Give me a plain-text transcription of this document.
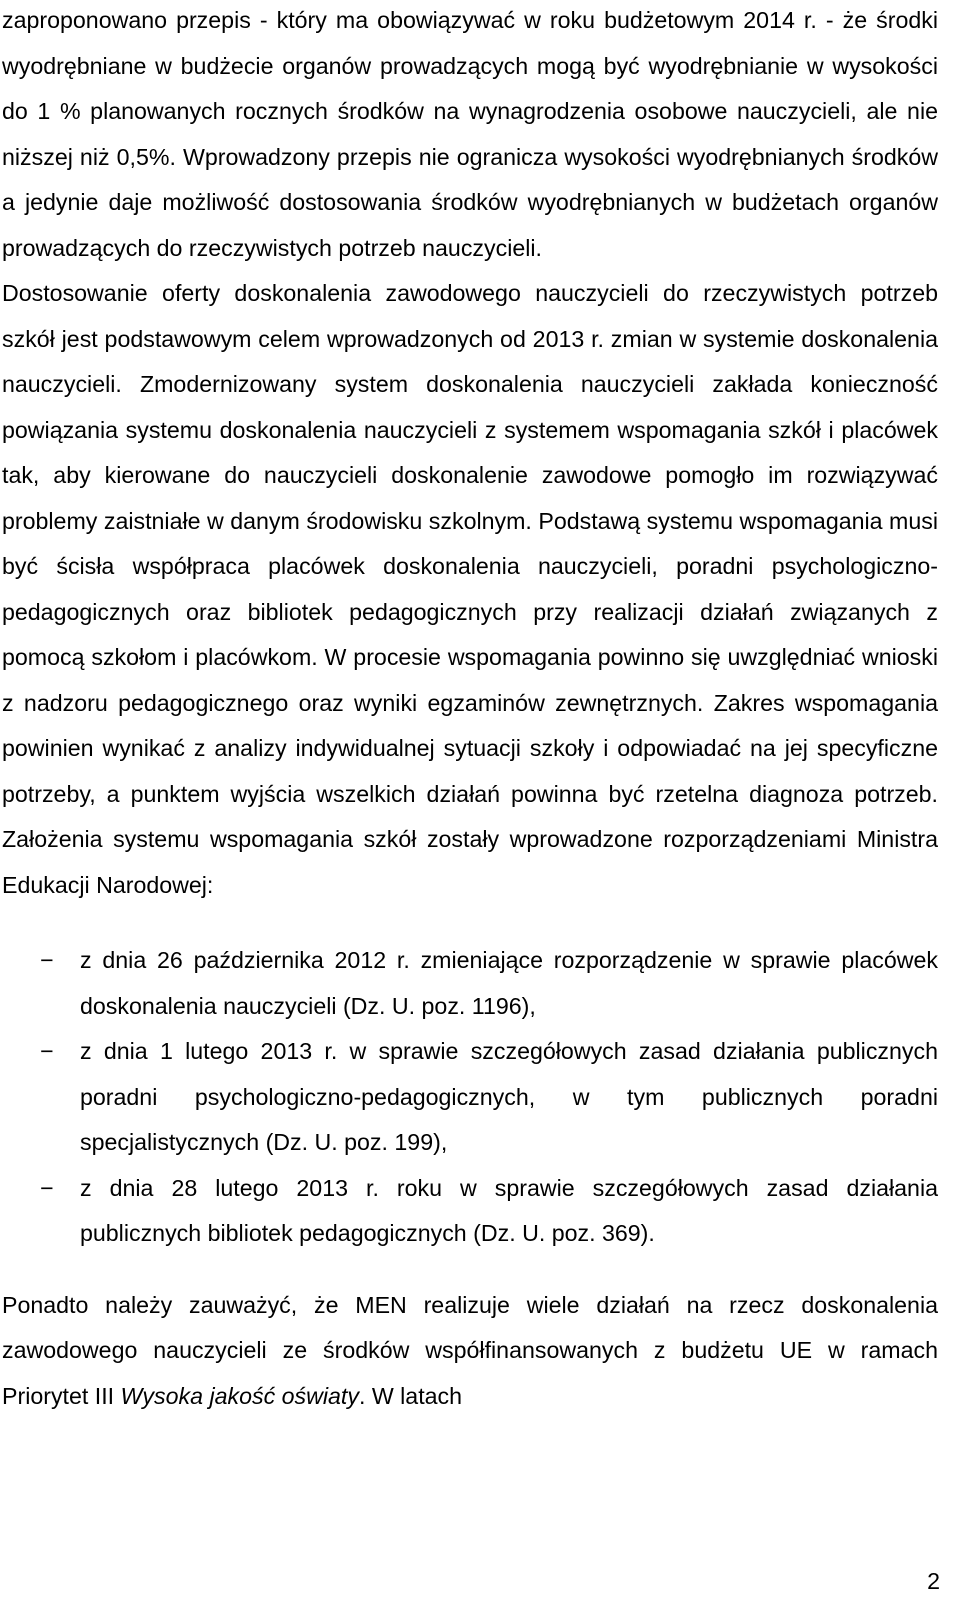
zaproponowano przepis - który ma obowiązywać w roku budżetowym 2014 r. - że środki wyodrębniane w budżecie organów prowadzących mogą być wyodrębnianie w wysokości do 1 % planowanych rocznych środków na wynagrodzenia osobowe nauczycieli, ale nie niższej niż 0,5%. Wprowadzony przepis nie ogranicza wysokości wyodrębnianych środków a jedynie daje możliwość dostosowania środków wyodrębnianych w budżetach organów prowadzących do rzeczywistych potrzeb nauczycieli.

Dostosowanie oferty doskonalenia zawodowego nauczycieli do rzeczywistych potrzeb szkół jest podstawowym celem wprowadzonych od 2013 r. zmian w systemie doskonalenia nauczycieli. Zmodernizowany system doskonalenia nauczycieli zakłada konieczność powiązania systemu doskonalenia nauczycieli z systemem wspomagania szkół i placówek tak, aby kierowane do nauczycieli doskonalenie zawodowe pomogło im rozwiązywać problemy zaistniałe w danym środowisku szkolnym. Podstawą systemu wspomagania musi być ścisła współpraca placówek doskonalenia nauczycieli, poradni psychologiczno-pedagogicznych oraz bibliotek pedagogicznych przy realizacji działań związanych z pomocą szkołom i placówkom. W procesie wspomagania powinno się uwzględniać wnioski z nadzoru pedagogicznego oraz wyniki egzaminów zewnętrznych. Zakres wspomagania powinien wynikać z analizy indywidualnej sytuacji szkoły i odpowiadać na jej specyficzne potrzeby, a punktem wyjścia wszelkich działań powinna być rzetelna diagnoza potrzeb. Założenia systemu wspomagania szkół zostały wprowadzone rozporządzeniami Ministra Edukacji Narodowej:

− z dnia 26 października 2012 r. zmieniające rozporządzenie w sprawie placówek doskonalenia nauczycieli (Dz. U. poz. 1196),
− z dnia 1 lutego 2013 r. w sprawie szczegółowych zasad działania publicznych poradni psychologiczno-pedagogicznych, w tym publicznych poradni specjalistycznych (Dz. U. poz. 199),
− z dnia 28 lutego 2013 r. roku w sprawie szczegółowych zasad działania publicznych bibliotek pedagogicznych (Dz. U. poz. 369).

Ponadto należy zauważyć, że MEN realizuje wiele działań na rzecz doskonalenia zawodowego nauczycieli ze środków współfinansowanych z budżetu UE w ramach Priorytet III Wysoka jakość oświaty. W latach

2
